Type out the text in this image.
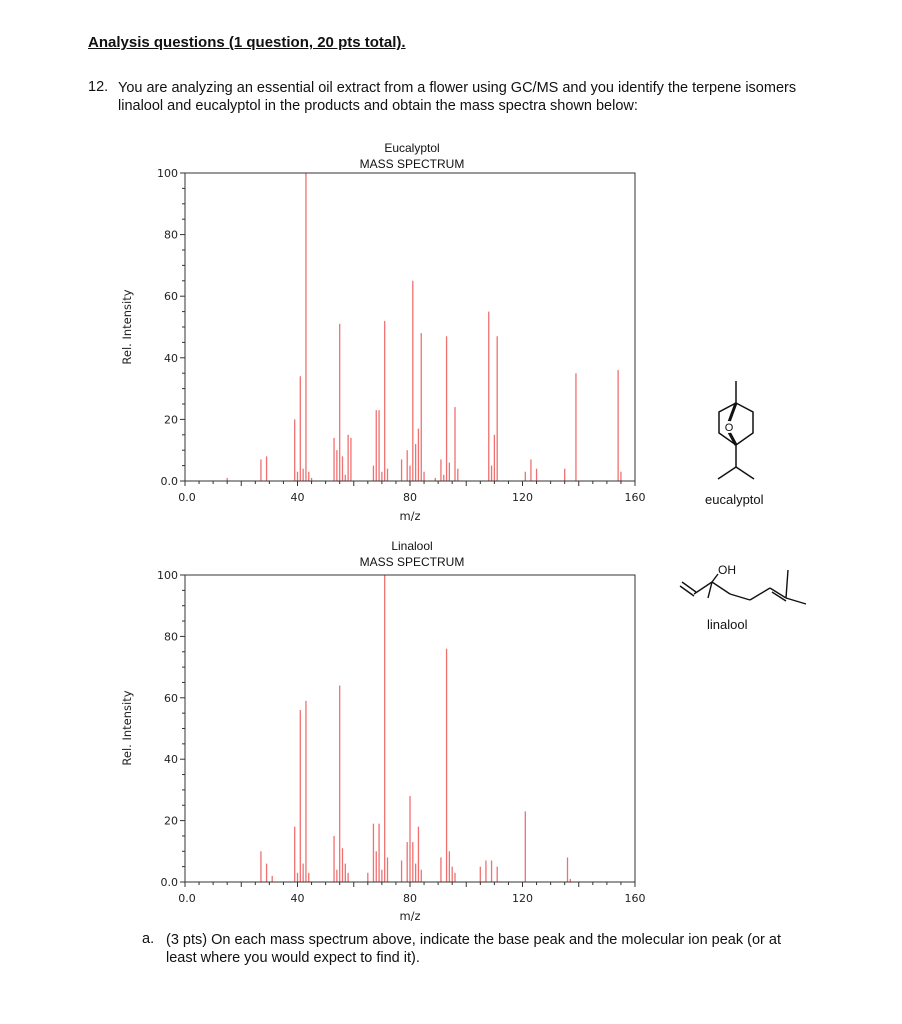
Analysis questions (1 question, 20 pts total).
12. You are analyzing an essential oil extract from a flower using GC/MS and you identify the terpene isomers linalool and eucalyptol in the products and obtain the mass spectra shown below:
Eucalyptol
MASS SPECTRUM
Linalool
MASS SPECTRUM
0.0
20
40
60
80
100
0.0	40	80	120	160
m/z
Rel. Intensity
0.0
20
40
60
80
100
0.0	40	80	120	160
m/z
Rel. Intensity
O
eucalyptol
OH
linalool
a. (3 pts) On each mass spectrum above, indicate the base peak and the molecular ion peak (or at least where you would expect to find it).
